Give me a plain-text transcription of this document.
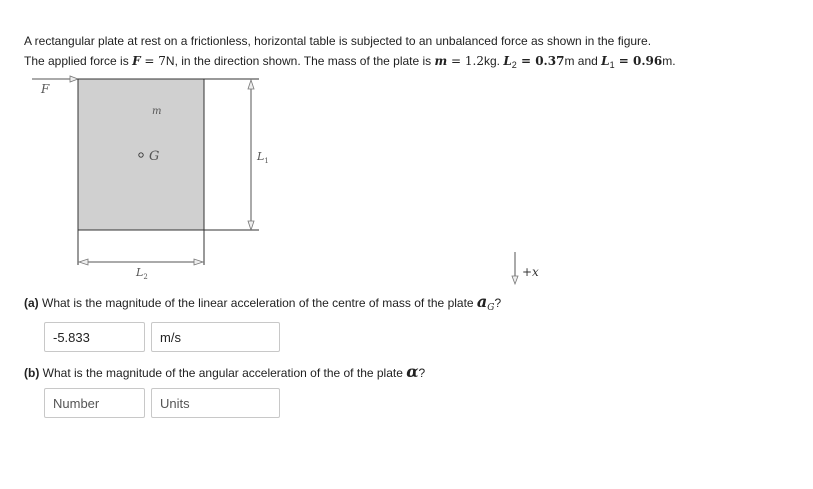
A rectangular plate at rest on a frictionless, horizontal table is subjected to an unbalanced force as shown in the figure.
The applied force is F = 7N, in the direction shown. The mass of the plate is m = 1.2kg. $L_2 = 0.37m$ and $L_1 = 0.96m$.
F
m
G	$L_1$
$L_2$	+x
(a) What is the magnitude of the linear acceleration of the centre of mass of the plate $a_G$?
-5.833
m/s
(b) What is the magnitude of the angular acceleration of the of the plate α?
Number
Units
